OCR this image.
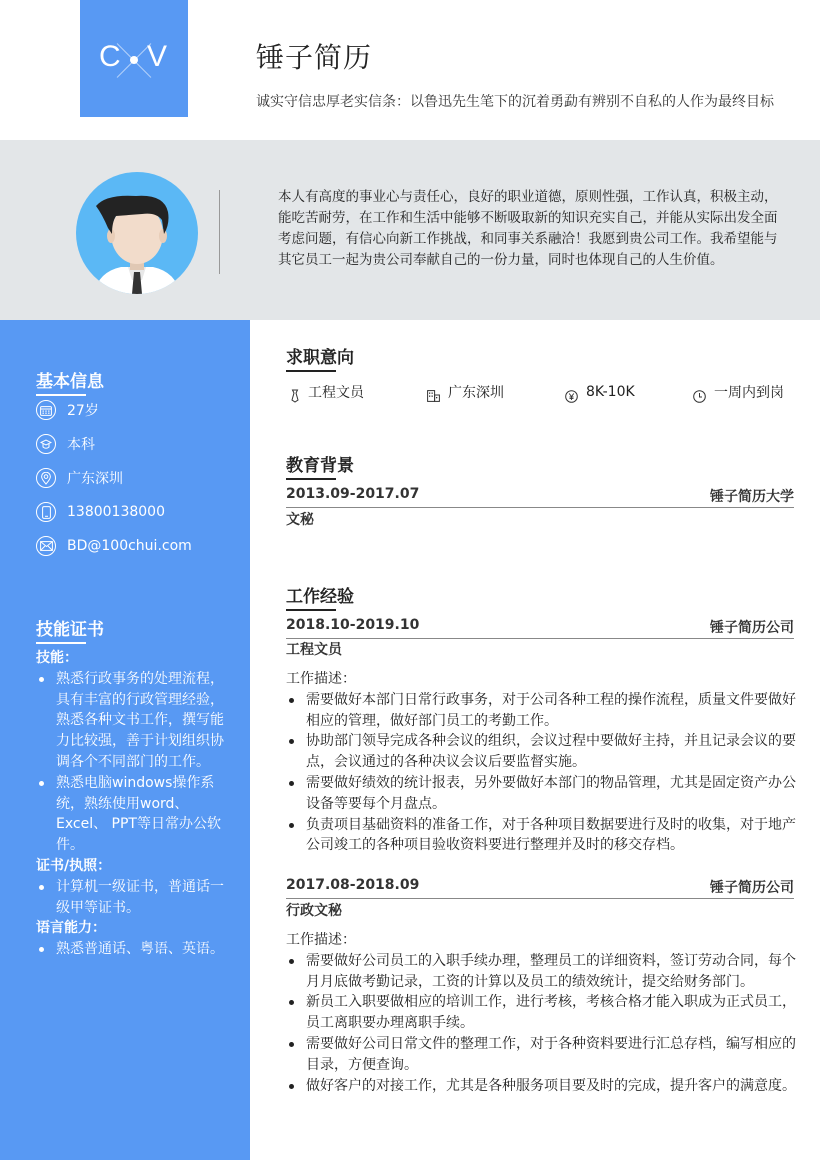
C V	锤子简历
诚实守信忠厚老实信条：以鲁迅先生笔下的沉着勇勐有辨别不自私的人作为最终目标
本人有高度的事业心与责任心，良好的职业道德，原则性强，工作认真，积极主动，能吃苦耐劳，在工作和生活中能够不断吸取新的知识充实自己，并能从实际出发全面考虑问题，有信心向新工作挑战，和同事关系融洽！我愿到贵公司工作。我希望能与其它员工一起为贵公司奉献自己的一份力量，同时也体现自己的人生价值。
基本信息
27岁
本科
广东深圳
13800138000
BD@100chui.com
技能证书
技能：
熟悉行政事务的处理流程，具有丰富的行政管理经验，熟悉各种文书工作，撰写能力比较强，善于计划组织协调各个不同部门的工作。
熟悉电脑windows操作系统，熟练使用word、Excel、 PPT等日常办公软件。
证书/执照：
计算机一级证书，普通话一级甲等证书。
语言能力：
熟悉普通话、粤语、英语。
求职意向
工程文员	广东深圳	8K-10K	一周内到岗
教育背景
2013.09-2017.07	锤子简历大学
文秘
工作经验
2018.10-2019.10	锤子简历公司
工程文员
工作描述：
需要做好本部门日常行政事务，对于公司各种工程的操作流程，质量文件要做好相应的管理，做好部门员工的考勤工作。
协助部门领导完成各种会议的组织，会议过程中要做好主持，并且记录会议的要点，会议通过的各种决议会议后要监督实施。
需要做好绩效的统计报表，另外要做好本部门的物品管理，尤其是固定资产办公设备等要每个月盘点。
负责项目基础资料的准备工作，对于各种项目数据要进行及时的收集，对于地产公司竣工的各种项目验收资料要进行整理并及时的移交存档。
2017.08-2018.09	锤子简历公司
行政文秘
工作描述：
需要做好公司员工的入职手续办理，整理员工的详细资料，签订劳动合同，每个月月底做考勤记录，工资的计算以及员工的绩效统计，提交给财务部门。
新员工入职要做相应的培训工作，进行考核，考核合格才能入职成为正式员工，员工离职要办理离职手续。
需要做好公司日常文件的整理工作，对于各种资料要进行汇总存档，编写相应的目录，方便查询。
做好客户的对接工作，尤其是各种服务项目要及时的完成，提升客户的满意度。
